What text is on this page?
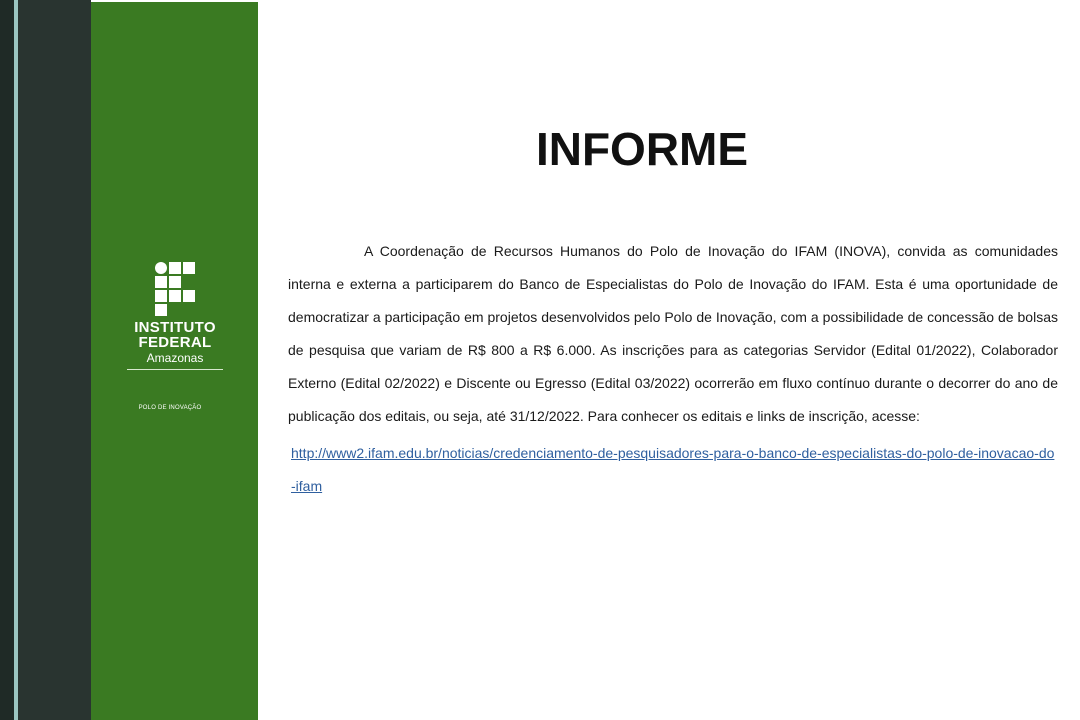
INSTITUTO
FEDERAL
Amazonas
POLO DE INOVAÇÃO
INFORME

A Coordenação de Recursos Humanos do Polo de Inovação do IFAM (INOVA), convida as comunidades interna e externa a participarem do Banco de Especialistas do Polo de Inovação do IFAM. Esta é uma oportunidade de democratizar a participação em projetos desenvolvidos pelo Polo de Inovação, com a possibilidade de concessão de bolsas de pesquisa que variam de R$ 800 a R$ 6.000. As inscrições para as categorias Servidor (Edital 01/2022), Colaborador Externo (Edital 02/2022) e Discente ou Egresso (Edital 03/2022) ocorrerão em fluxo contínuo durante o decorrer do ano de publicação dos editais, ou seja, até 31/12/2022. Para conhecer os editais e links de inscrição, acesse:

http://www2.ifam.edu.br/noticias/credenciamento-de-pesquisadores-para-o-banco-de-especialistas-do-polo-de-inovacao-do-ifam
